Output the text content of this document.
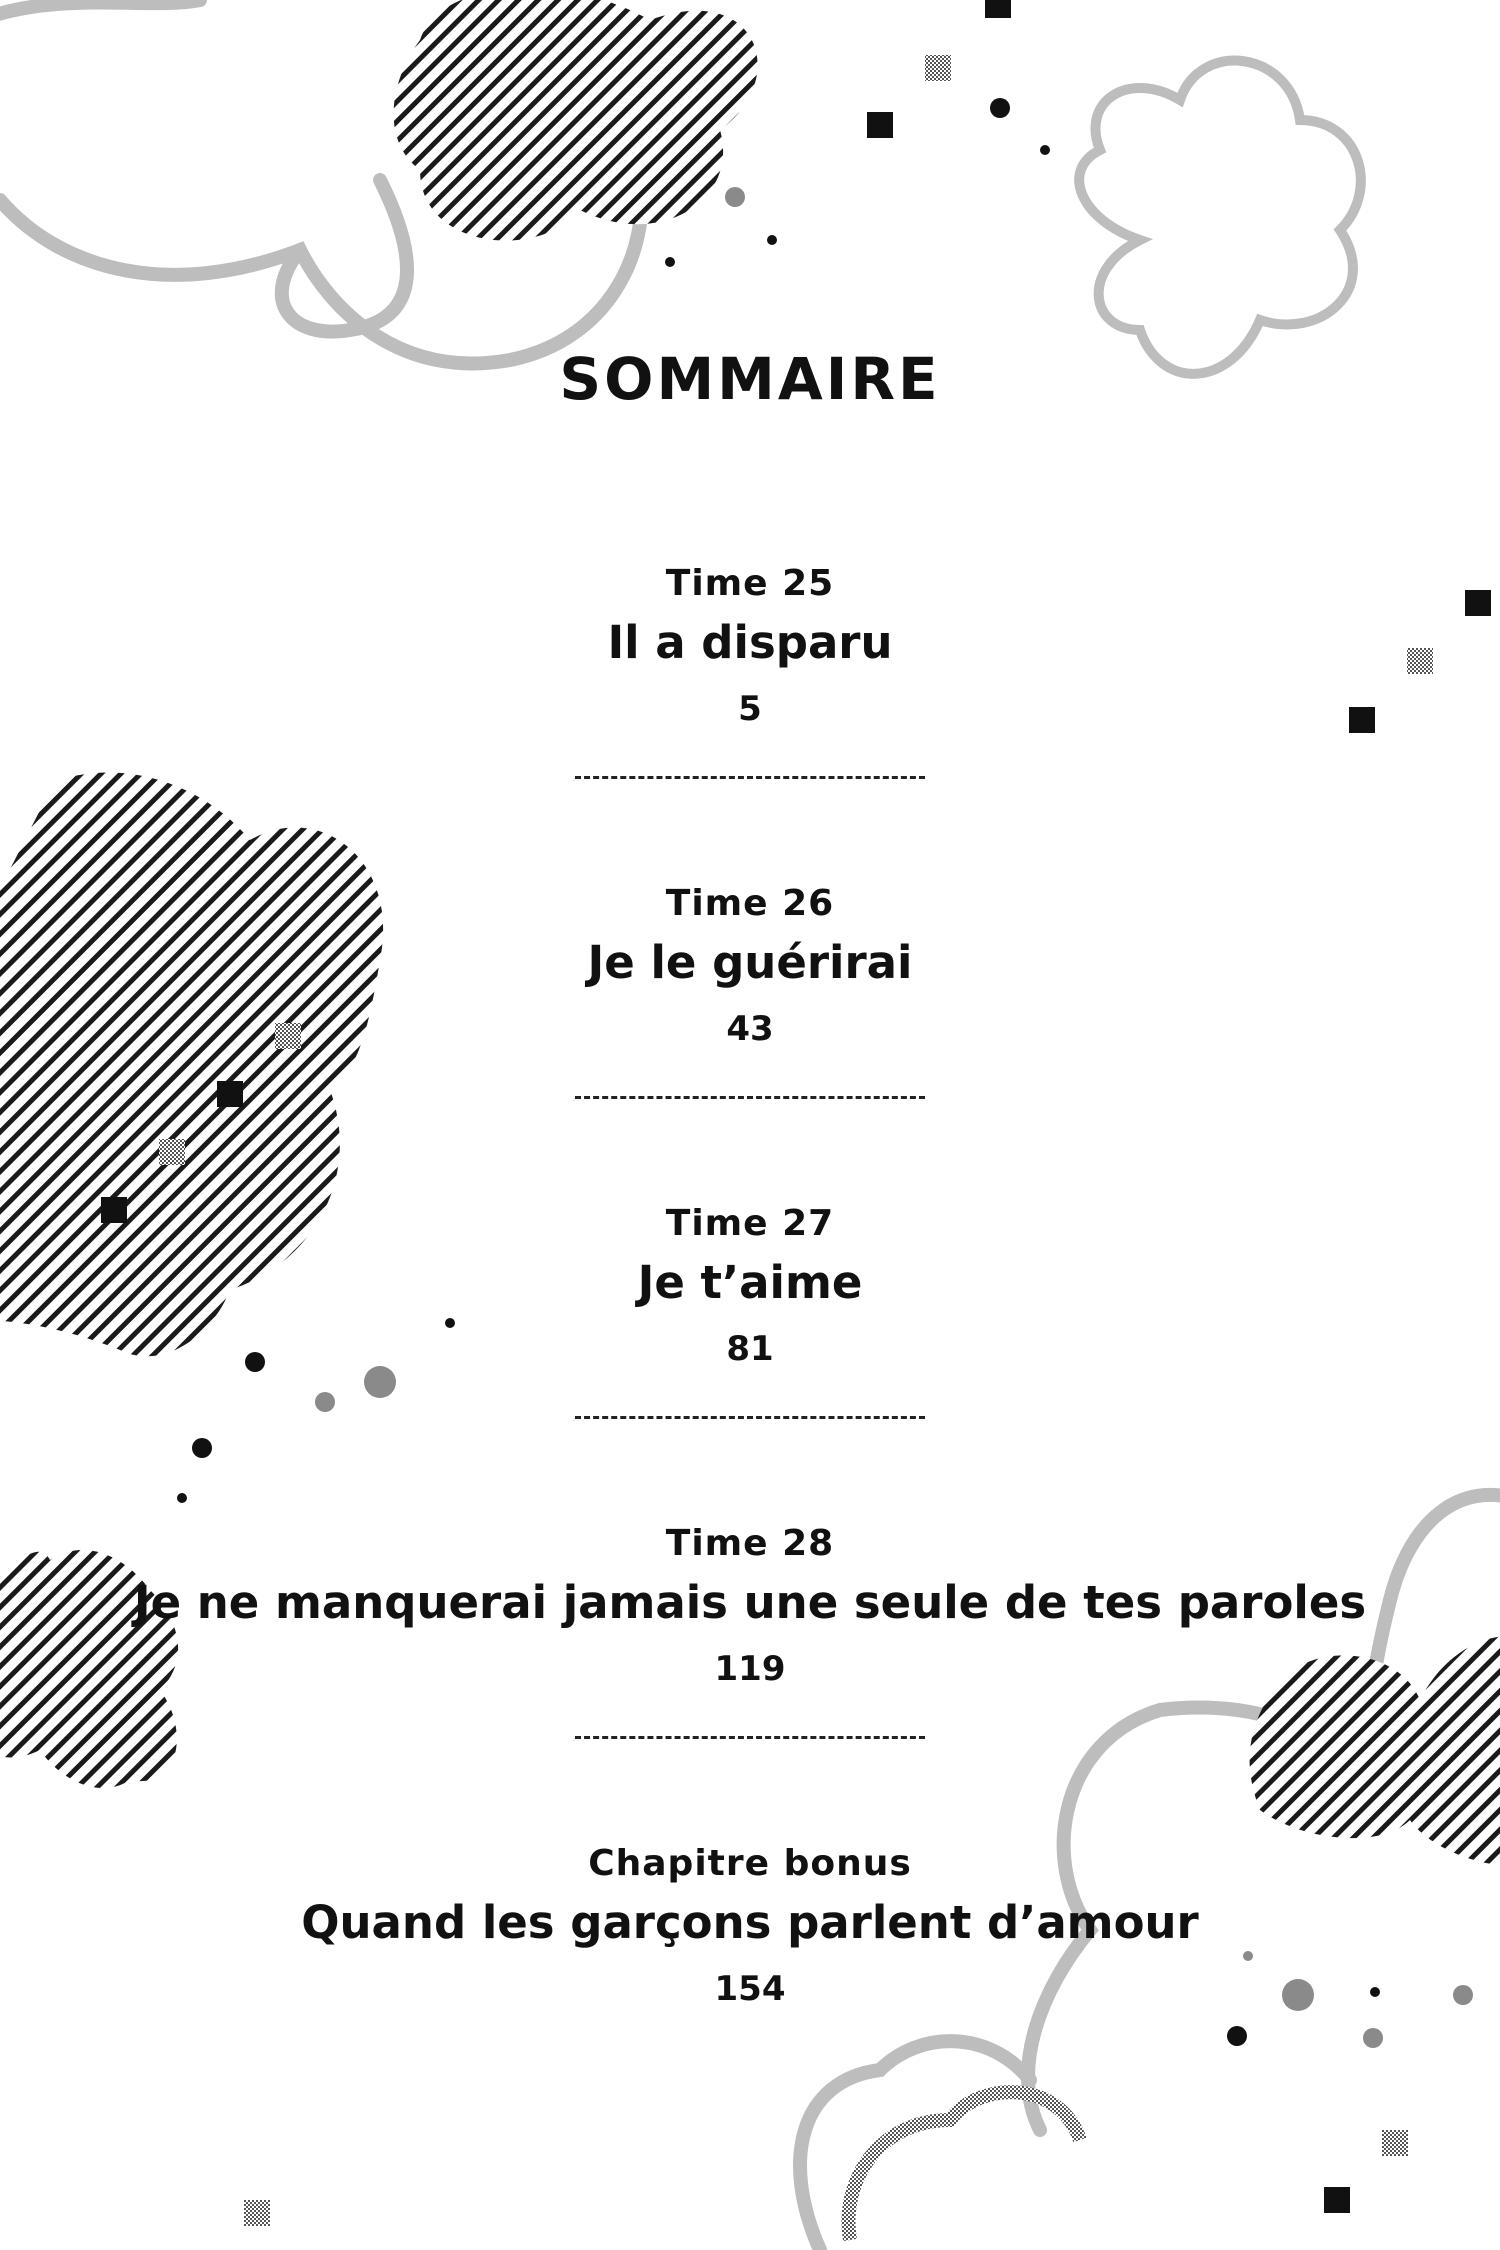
SOMMAIRE
Time 25
Il a disparu
5
Time 26
Je le guérirai
43
Time 27
Je t’aime
81
Time 28
Je ne manquerai jamais une seule de tes paroles
119
Chapitre bonus
Quand les garçons parlent d’amour
154
